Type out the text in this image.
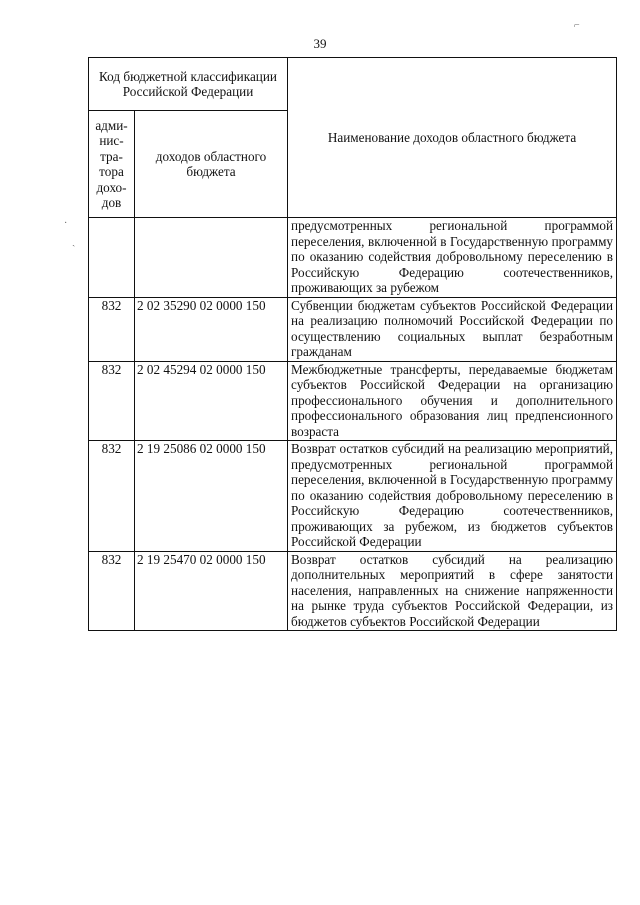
39
⌐
·
ˎ
Код бюджетной классификации Российской Федерации		Наименование доходов областного бюджета
адми-нис-тра-тора дохо-дов	доходов областного бюджета	
		предусмотренных региональной программой переселения, включенной в Государственную программу по оказанию содействия добровольному переселению в Российскую Федерацию соотечественников, проживающих за рубежом
832	2 02 35290 02 0000 150	Субвенции бюджетам субъектов Российской Федерации на реализацию полномочий Российской Федерации по осуществлению социальных выплат безработным гражданам
832	2 02 45294 02 0000 150	Межбюджетные трансферты, передаваемые бюджетам субъектов Российской Федерации на организацию профессионального обучения и дополнительного профессионального образования лиц предпенсионного возраста
832	2 19 25086 02 0000 150	Возврат остатков субсидий на реализацию мероприятий, предусмотренных региональной программой переселения, включенной в Государственную программу по оказанию содействия добровольному переселению в Российскую Федерацию соотечественников, проживающих за рубежом, из бюджетов субъектов Российской Федерации
832	2 19 25470 02 0000 150	Возврат остатков субсидий на реализацию дополнительных мероприятий в сфере занятости населения, направленных на снижение напряженности на рынке труда субъектов Российской Федерации, из бюджетов субъектов Российской Федерации
